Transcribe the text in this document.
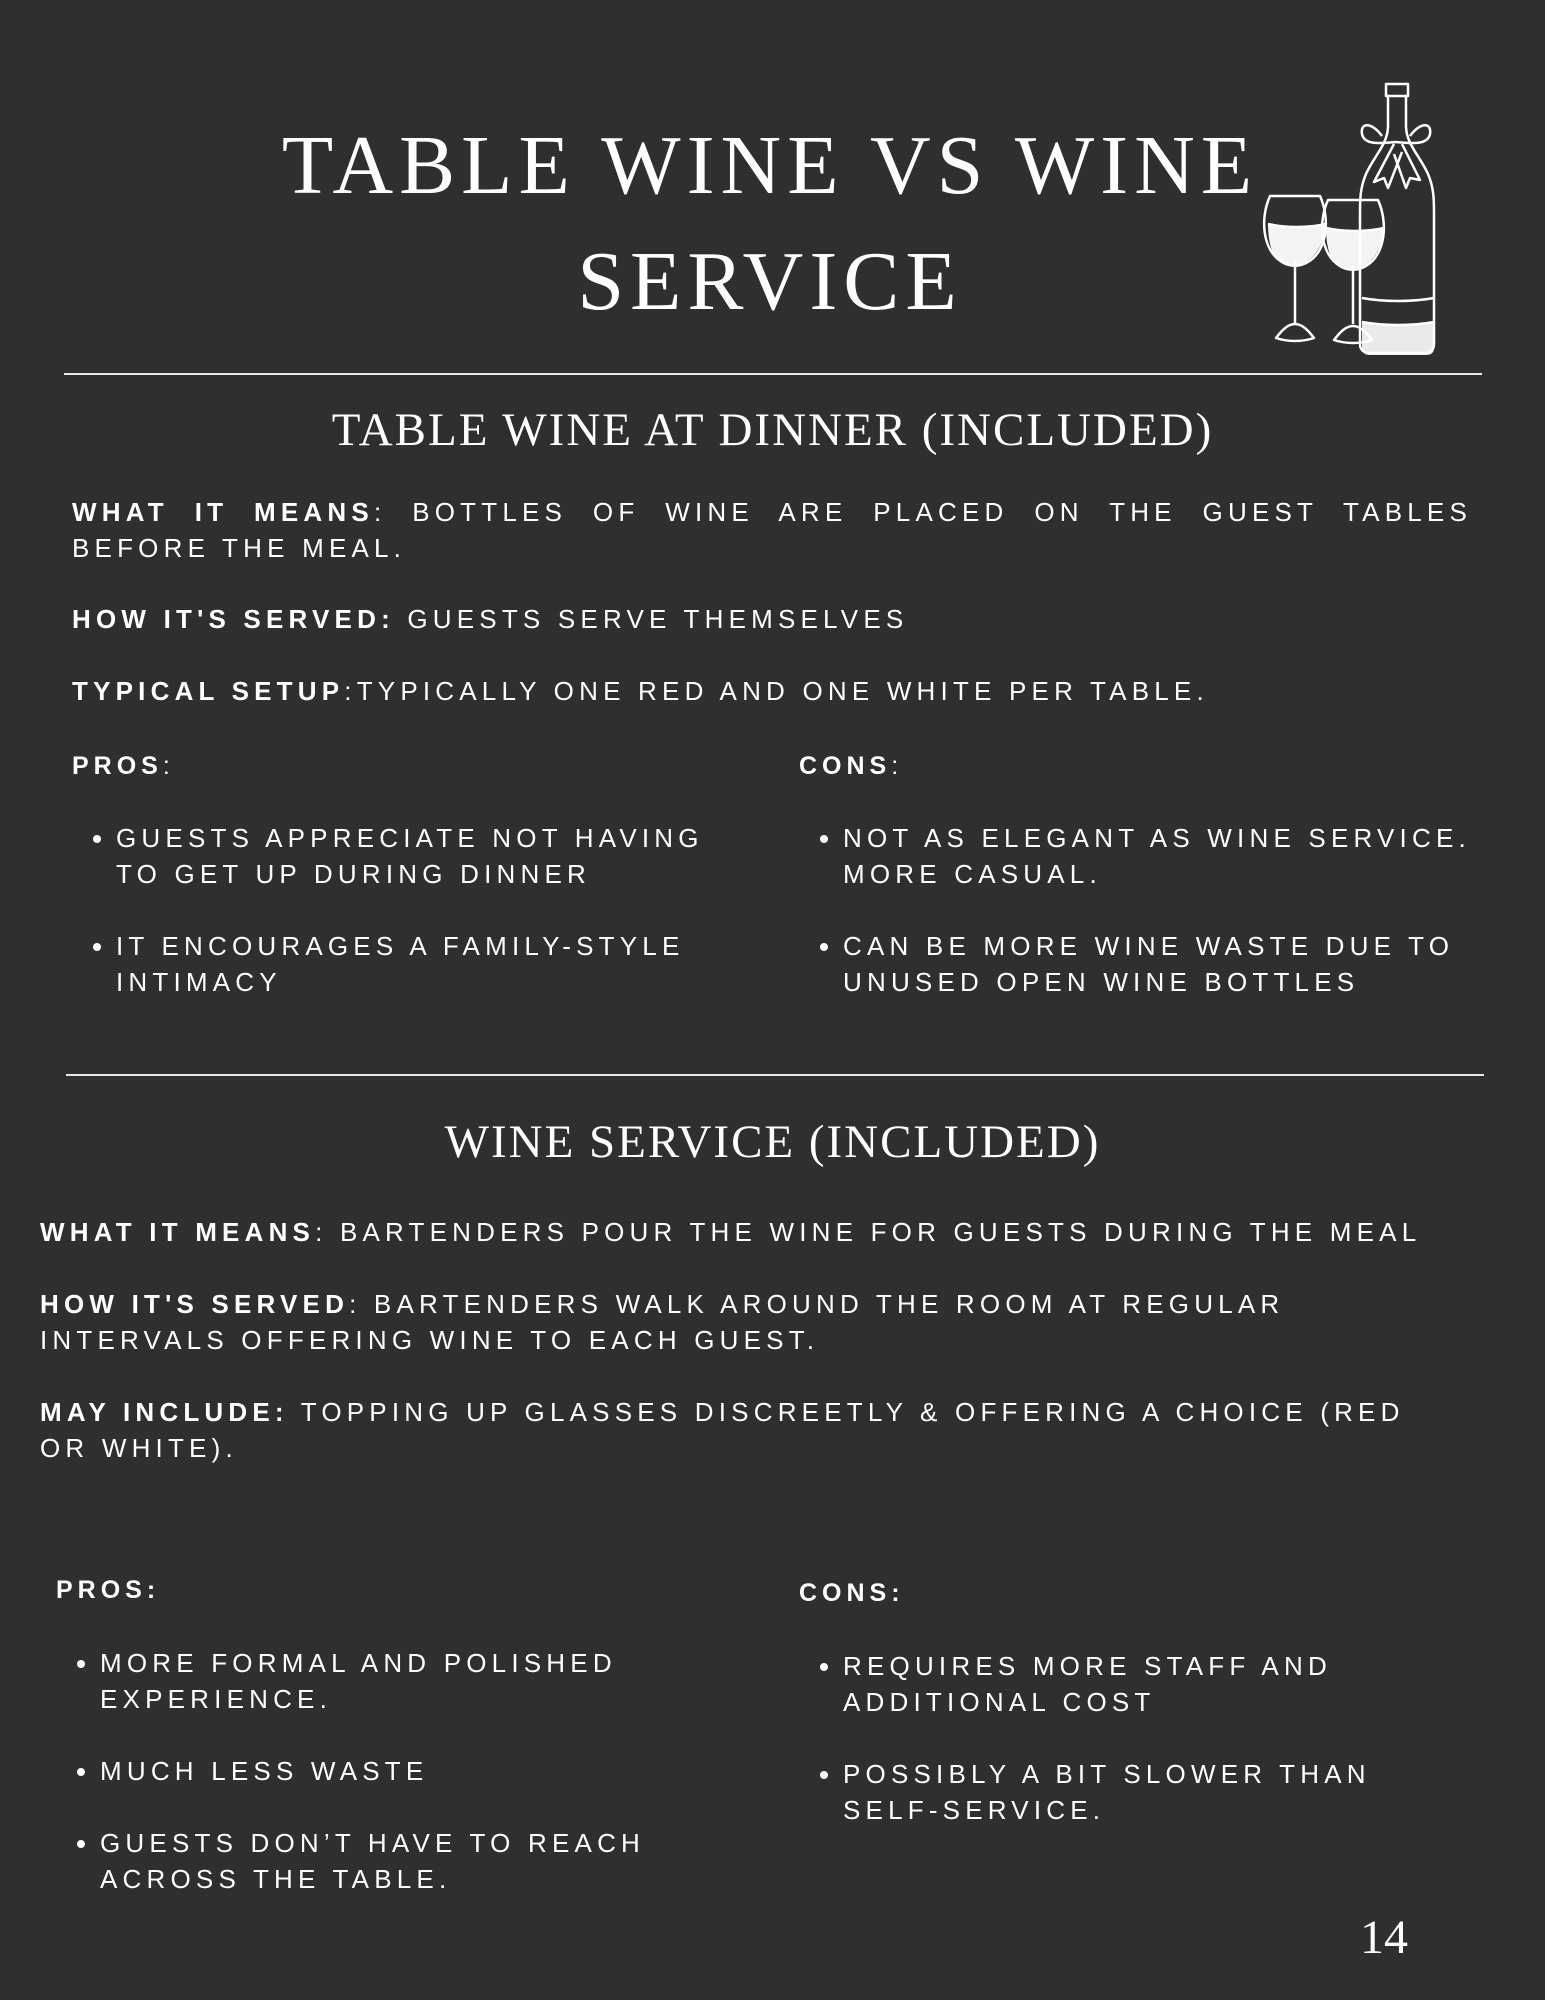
TABLE WINE VS WINE
SERVICE
TABLE WINE AT DINNER (INCLUDED)

WHAT IT MEANS: BOTTLES OF WINE ARE PLACED ON THE GUEST TABLES BEFORE THE MEAL.

HOW IT'S SERVED: GUESTS SERVE THEMSELVES

TYPICAL SETUP:TYPICALLY ONE RED AND ONE WHITE PER TABLE.

PROS:	CONS:

• GUESTS APPRECIATE NOT HAVING TO GET UP DURING DINNER
• IT ENCOURAGES A FAMILY-STYLE INTIMACY
• NOT AS ELEGANT AS WINE SERVICE. MORE CASUAL.
• CAN BE MORE WINE WASTE DUE TO UNUSED OPEN WINE BOTTLES
WINE SERVICE (INCLUDED)

WHAT IT MEANS: BARTENDERS POUR THE WINE FOR GUESTS DURING THE MEAL

HOW IT'S SERVED: BARTENDERS WALK AROUND THE ROOM AT REGULAR INTERVALS OFFERING WINE TO EACH GUEST.

MAY INCLUDE: TOPPING UP GLASSES DISCREETLY & OFFERING A CHOICE (RED OR WHITE).

PROS:	CONS:

• MORE FORMAL AND POLISHED EXPERIENCE.
• MUCH LESS WASTE
• GUESTS DON’T HAVE TO REACH ACROSS THE TABLE.
• REQUIRES MORE STAFF AND ADDITIONAL COST
• POSSIBLY A BIT SLOWER THAN SELF-SERVICE.
14
